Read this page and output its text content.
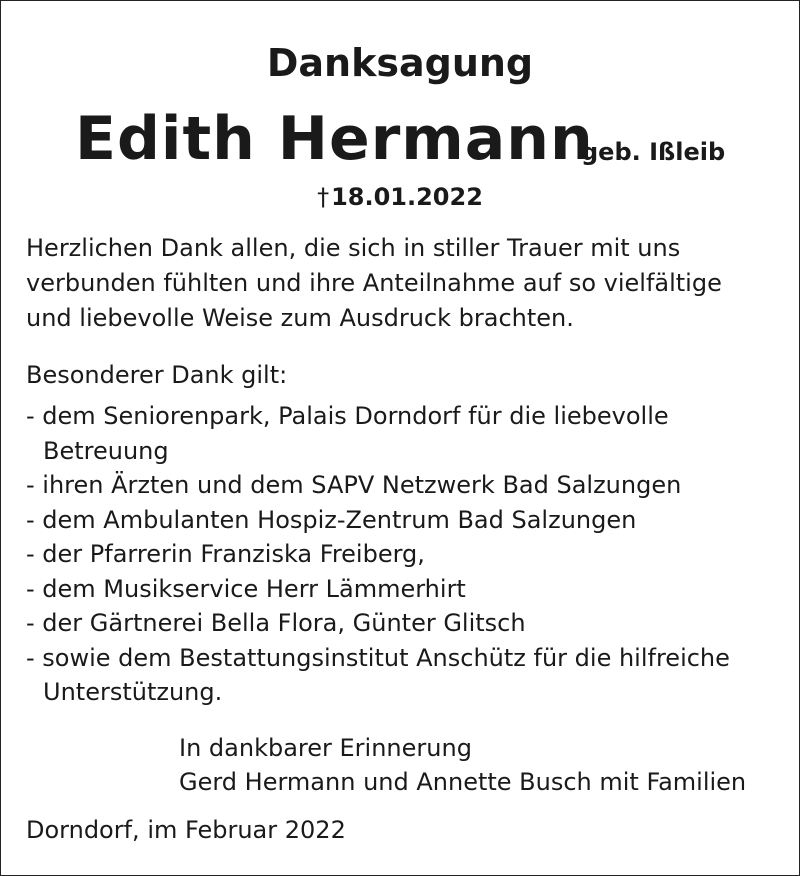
Danksagung
Edith Hermann
geb. Ißleib
†18.01.2022
Herzlichen Dank allen, die sich in stiller Trauer mit uns
verbunden fühlten und ihre Anteilnahme auf so vielfältige
und liebevolle Weise zum Ausdruck brachten.
Besonderer Dank gilt:
- dem Seniorenpark, Palais Dorndorf für die liebevolle
Betreuung
- ihren Ärzten und dem SAPV Netzwerk Bad Salzungen
- dem Ambulanten Hospiz-Zentrum Bad Salzungen
- der Pfarrerin Franziska Freiberg,
- dem Musikservice Herr Lämmerhirt
- der Gärtnerei Bella Flora, Günter Glitsch
- sowie dem Bestattungsinstitut Anschütz für die hilfreiche
Unterstützung.
In dankbarer Erinnerung
Gerd Hermann und Annette Busch mit Familien
Dorndorf, im Februar 2022
